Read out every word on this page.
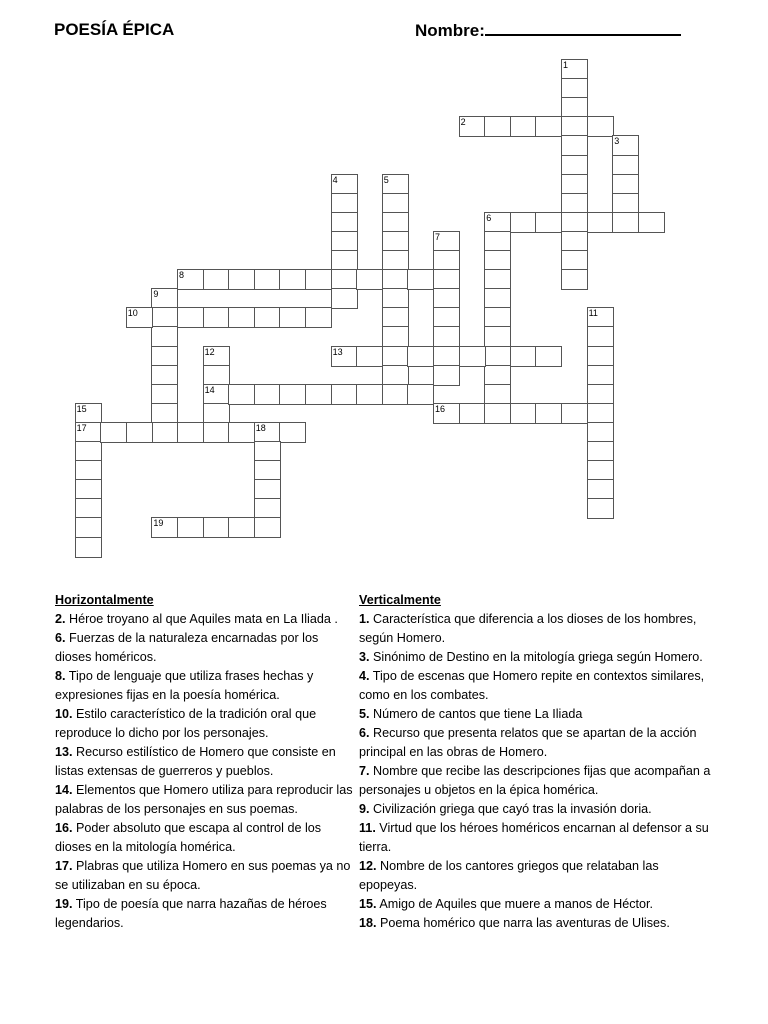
POESÍA ÉPICA	Nombre:
1
2
3
4	5
6
7
8
9
10	11
12
14
13
15
17
16
18
19
Horizontalmente
2. Héroe troyano al que Aquiles mata en La Iliada .
6. Fuerzas de la naturaleza encarnadas por los dioses homéricos.
8. Tipo de lenguaje que utiliza frases hechas y expresiones fijas en la poesía homérica.
10. Estilo característico de la tradición oral que reproduce lo dicho por los personajes.
13. Recurso estilístico de Homero que consiste en listas extensas de guerreros y pueblos.
14. Elementos que Homero utiliza para reproducir las palabras de los personajes en sus poemas.
16. Poder absoluto que escapa al control de los dioses en la mitología homérica.
17. Plabras que utiliza Homero en sus poemas ya no se utilizaban en su época.
19. Tipo de poesía que narra hazañas de héroes legendarios.
Verticalmente
1. Característica que diferencia a los dioses de los hombres, según Homero.
3. Sinónimo de Destino en la mitología griega según Homero.
4. Tipo de escenas que Homero repite en contextos similares, como en los combates.
5. Número de cantos que tiene La Iliada
6. Recurso que presenta relatos que se apartan de la acción principal en las obras de Homero.
7. Nombre que recibe las descripciones fijas que acompañan a personajes u objetos en la épica homérica.
9. Civilización griega que cayó tras la invasión doria.
11. Virtud que los héroes homéricos encarnan al defensor a su tierra.
12. Nombre de los cantores griegos que relataban las epopeyas.
15. Amigo de Aquiles que muere a manos de Héctor.
18. Poema homérico que narra las aventuras de Ulises.
